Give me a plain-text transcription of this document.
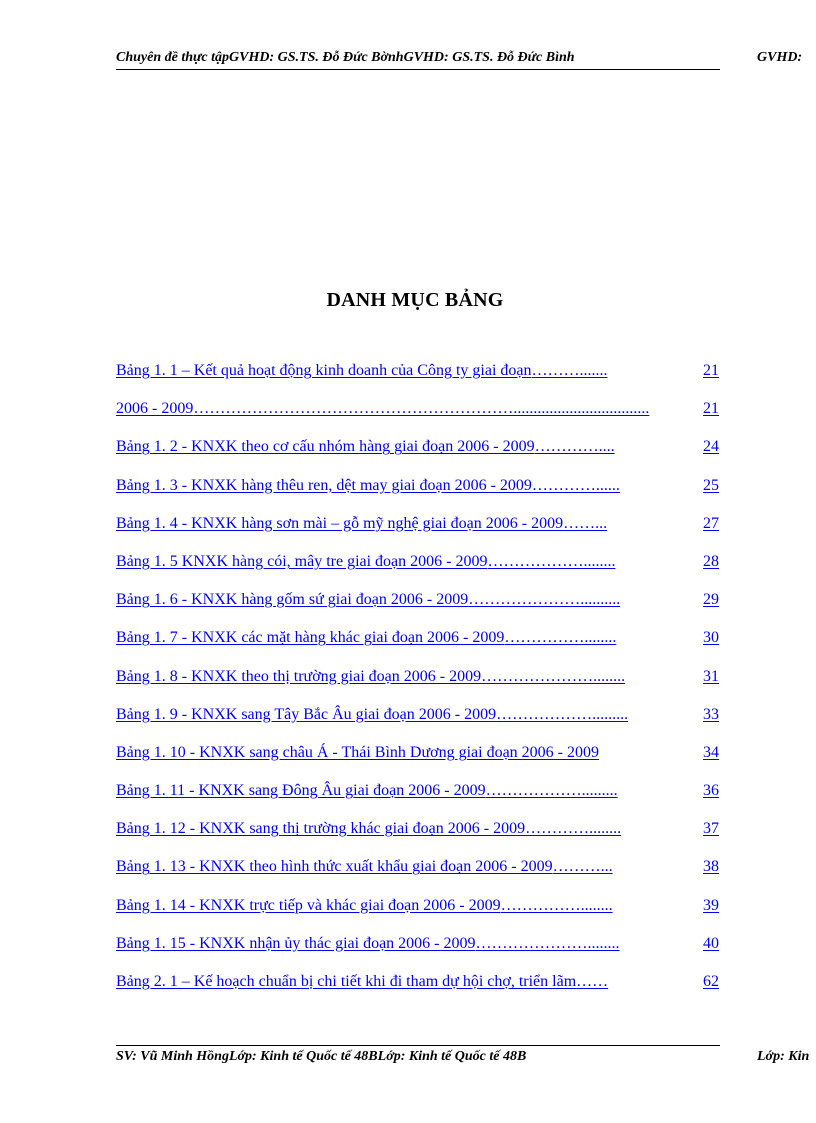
Chuyên đề thực tậpGVHD: GS.TS. Đỗ Đức BờnhGVHD: GS.TS. Đỗ Đức Bình	GVHD:
DANH MỤC BẢNG
Bảng 1. 1 – Kết quả hoạt động kinh doanh của Công ty giai đoạn ……….......	21
2006 - 2009 ……………………………………………………..................................	21
Bảng 1. 2 - KNXK theo cơ cấu nhóm hàng giai đoạn 2006 - 2009 …………....	24
Bảng 1. 3 - KNXK hàng thêu ren, dệt may giai đoạn 2006 - 2009 …………......	25
Bảng 1. 4 - KNXK hàng sơn mài – gỗ mỹ nghệ giai đoạn 2006 - 2009 ……...	27
Bảng 1. 5 KNXK hàng cói, mây tre giai đoạn 2006 - 2009 ………………........	28
Bảng 1. 6 - KNXK hàng gốm sứ giai đoạn 2006 - 2009 …………………..........	29
Bảng 1. 7 - KNXK các mặt hàng khác giai đoạn 2006 - 2009 ……………........	30
Bảng 1. 8 - KNXK theo thị trường giai đoạn 2006 - 2009 …………………........	31
Bảng 1. 9 - KNXK sang Tây Bắc Âu giai đoạn 2006 - 2009 ……………….........	33
Bảng 1. 10 - KNXK sang châu Á - Thái Bình Dương giai đoạn 2006 - 2009	34
Bảng 1. 11 - KNXK sang Đông Âu giai đoạn 2006 - 2009 ……………….........	36
Bảng 1. 12 - KNXK sang thị trường khác giai đoạn 2006 - 2009 …………........	37
Bảng 1. 13 - KNXK theo hình thức xuất khẩu giai đoạn 2006 - 2009 ………...	38
Bảng 1. 14 - KNXK trực tiếp và khác giai đoạn 2006 - 2009 ……………........	39
Bảng 1. 15 - KNXK nhận ủy thác giai đoạn 2006 - 2009 …………………........	40
Bảng 2. 1 – Kế hoạch chuẩn bị chi tiết khi đi tham dự hội chợ, triển lãm ……	62
SV: Vũ Minh HồngLớp: Kinh tế Quốc tế 48BLớp: Kinh tế Quốc tế 48B	Lớp: Kin
